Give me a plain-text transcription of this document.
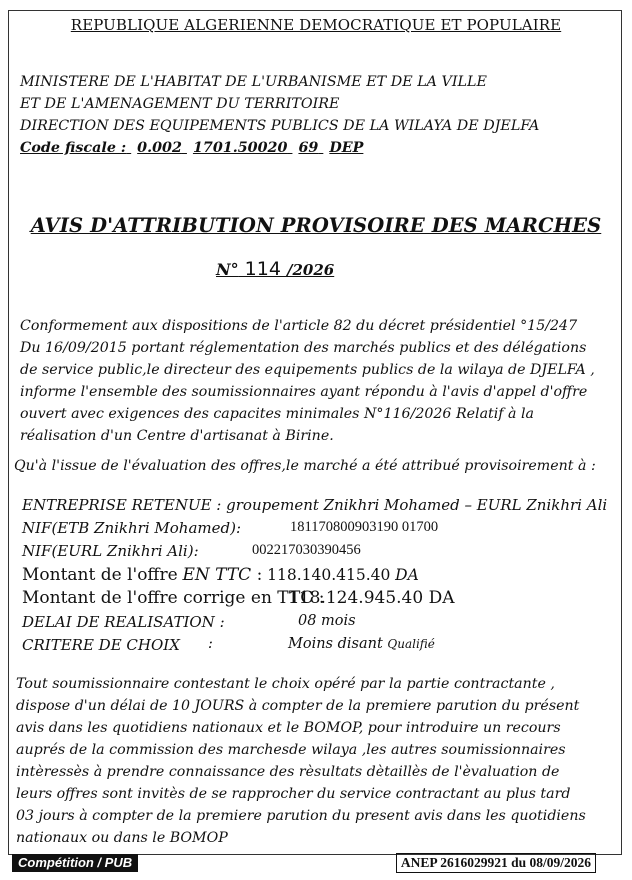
REPUBLIQUE ALGERIENNE DEMOCRATIQUE ET POPULAIRE
MINISTERE DE L'HABITAT DE L'URBANISME ET DE LA VILLE
ET DE L'AMENAGEMENT DU TERRITOIRE
DIRECTION DES EQUIPEMENTS PUBLICS DE LA WILAYA DE DJELFA
Code fiscale : 0.002 1701.50020 69 DEP
AVIS D'ATTRIBUTION PROVISOIRE DES MARCHES
N° 114 /2026
Conformement aux dispositions de l'article 82 du décret présidentiel °15/247
Du 16/09/2015 portant réglementation des marchés publics et des délégations
de service public,le directeur des equipements publics de la wilaya de DJELFA ,
informe l'ensemble des soumissionnaires ayant répondu à l'avis d'appel d'offre
ouvert avec exigences des capacites minimales N°116/2026 Relatif à la
réalisation d'un Centre d'artisanat à Birine.
Qu'à l'issue de l'évaluation des offres,le marché a été attribué provisoirement à :
ENTREPRISE RETENUE : groupement Znikhri Mohamed – EURL Znikhri Ali
NIF(ETB Znikhri Mohamed):	181170800903190 01700
NIF(EURL Znikhri Ali):	002217030390456
Montant de l'offre EN TTC : 118.140.415.40 DA
Montant de l'offre corrige en TTC :
118.124.945.40 DA
DELAI DE REALISATION :	08 mois
CRITERE DE CHOIX :	Moins disant Qualifié
Tout soumissionnaire contestant le choix opéré par la partie contractante ,
dispose d'un délai de 10 JOURS à compter de la premiere parution du présent
avis dans les quotidiens nationaux et le BOMOP, pour introduire un recours
auprés de la commission des marchesde wilaya ,les autres soumissionnaires
intèressès à prendre connaissance des rèsultats dètaillès de l'èvaluation de
leurs offres sont invitès de se rapprocher du service contractant au plus tard
03 jours à compter de la premiere parution du present avis dans les quotidiens
nationaux ou dans le BOMOP
Compétition / PUB	ANEP 2616029921 du 08/09/2026
